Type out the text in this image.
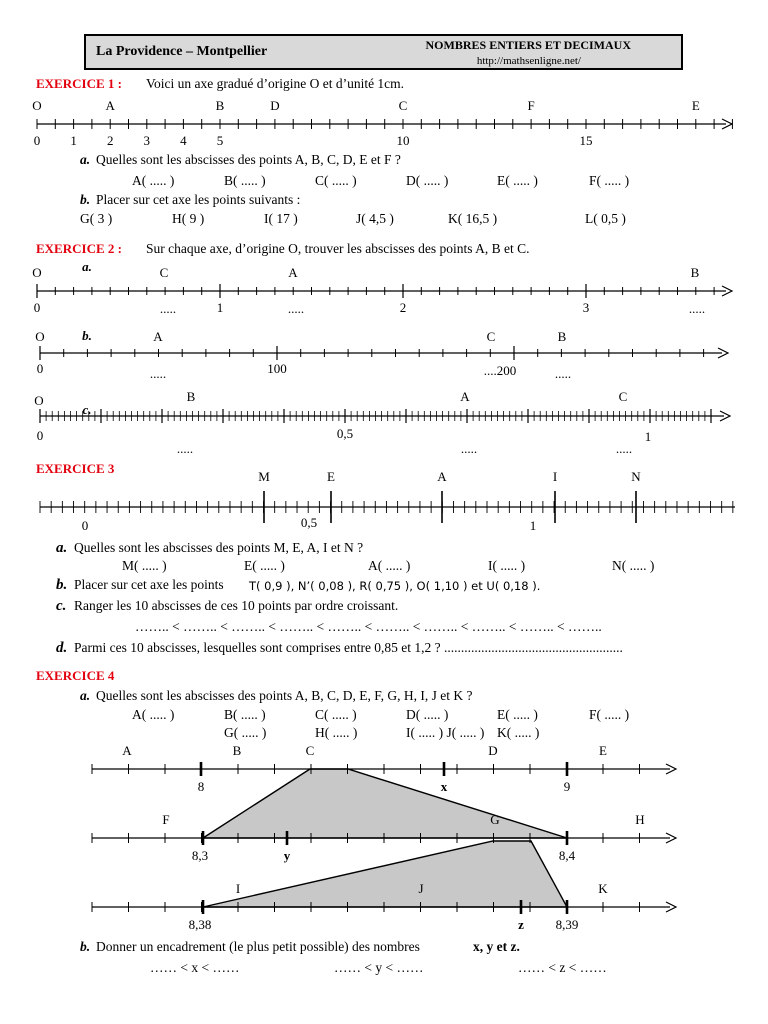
La Providence – Montpellier	NOMBRES ENTIERS ET DECIMAUX
http://mathsenligne.net/
EXERCICE 1 : Voici un axe gradué d’origine O et d’unité 1cm.
a. Quelles sont les abscisses des points A, B, C, D, E et F ?
A( ..... )	B( ..... )	C( ..... )	D( ..... )	E( ..... )	F( ..... )
b. Placer sur cet axe les points suivants :
G( 3 )	H( 9 )	I( 17 )	J( 4,5 )	K( 16,5 )	L( 0,5 )
EXERCICE 2 : Sur chaque axe, d’origine O, trouver les abscisses des points A, B et C.
EXERCICE 3
a. Quelles sont les abscisses des points M, E, A, I et N ?
M( ..... )	E( ..... )	A( ..... )	I( ..... )	N( ..... )
b. Placer sur cet axe les points T( 0,9 ), N’( 0,08 ), R( 0,75 ), O( 1,10 ) et U( 0,18 ).
c. Ranger les 10 abscisses de ces 10 points par ordre croissant.
…….. < …….. < …….. < …….. < …….. < …….. < …….. < …….. < …….. < ……..
d. Parmi ces 10 abscisses, lesquelles sont comprises entre 0,85 et 1,2 ? .....................................................
EXERCICE 4
a. Quelles sont les abscisses des points A, B, C, D, E, F, G, H, I, J et K ?
A( ..... )	B( ..... )	C( ..... )	D( ..... )	E( ..... )	F( ..... )
G( ..... )	H( ..... )	I( ..... ) J( ..... ) K( ..... )
b. Donner un encadrement (le plus petit possible) des nombres	x, y et z.
…… < x < ……	…… < y < ……	…… < z < ……
O	A	B	D	C	F	E
0 1 2 3 4 5	10	15
a.
O	C	A	B
0	1	2	3
.....	.....	.....
b.
O	A	C	B
0	100	....200
.....	.....
c.
O	B	A	C
0	0,5	1
.....	.....	.....
M	E	A	I	N
0	0,5	1
A	B	C	D	E
8	9
x
F	G	H
8,3	8,4
y
I	J	K
8,38	8,39
z
